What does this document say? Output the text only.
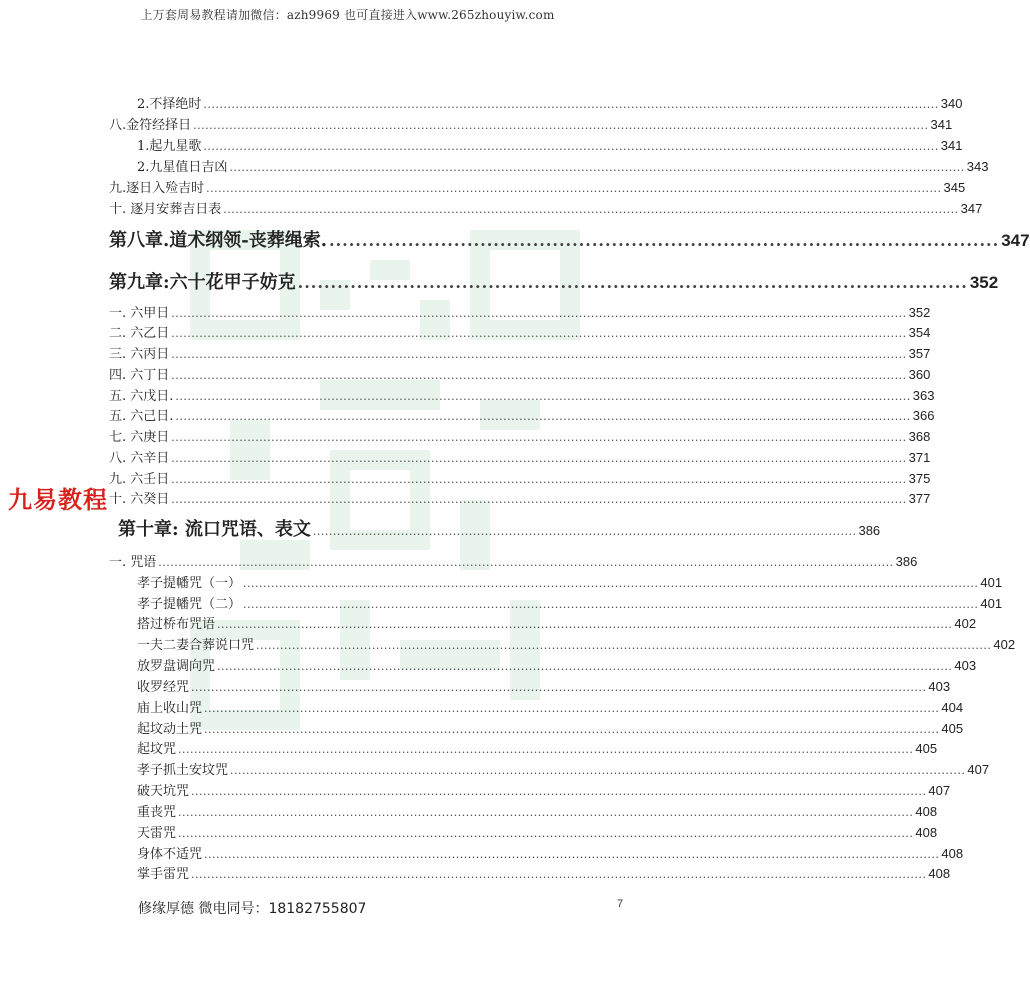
上万套周易教程请加微信：azh9969 也可直接进入www.265zhouyiw.com
九易教程
2.不择绝时 ........................................................................................................................................................................................ 340
八.金符经择日 ........................................................................................................................................................................................ 341
1.起九星歌 ........................................................................................................................................................................................ 341
2.九星值日吉凶 ........................................................................................................................................................................................ 343
九.逐日入殓吉时 ........................................................................................................................................................................................ 345
十. 逐月安葬吉日表 ........................................................................................................................................................................................ 347
第八章.道术纲领-丧葬绳索. ...................................................................................................... 347
第九章:六十花甲子妨克 ...................................................................................................... 352
一. 六甲日 ........................................................................................................................................................................................ 352
二. 六乙日 ........................................................................................................................................................................................ 354
三. 六丙日 ........................................................................................................................................................................................ 357
四. 六丁日 ........................................................................................................................................................................................ 360
五. 六戊日. ........................................................................................................................................................................................ 363
五. 六己日. ........................................................................................................................................................................................ 366
七. 六庚日 ........................................................................................................................................................................................ 368
八. 六辛日 ........................................................................................................................................................................................ 371
九. 六壬日 ........................................................................................................................................................................................ 375
十. 六癸日 ........................................................................................................................................................................................ 377
第十章: 流口咒语、表文 ........................................................................................................................................ 386
一. 咒语 ........................................................................................................................................................................................ 386
孝子提幡咒（一） ........................................................................................................................................................................................ 401
孝子提幡咒（二） ........................................................................................................................................................................................ 401
搭过桥布咒语 ........................................................................................................................................................................................ 402
一夫二妻合葬说口咒 ........................................................................................................................................................................................ 402
放罗盘调向咒 ........................................................................................................................................................................................ 403
收罗经咒 ........................................................................................................................................................................................ 403
庙上收山咒 ........................................................................................................................................................................................ 404
起坟动土咒 ........................................................................................................................................................................................ 405
起坟咒 ........................................................................................................................................................................................ 405
孝子抓土安坟咒 ........................................................................................................................................................................................ 407
破天坑咒 ........................................................................................................................................................................................ 407
重丧咒 ........................................................................................................................................................................................ 408
天雷咒 ........................................................................................................................................................................................ 408
身体不适咒 ........................................................................................................................................................................................ 408
掌手雷咒 ........................................................................................................................................................................................ 408
修缘厚德 微电同号：18182755807	7
